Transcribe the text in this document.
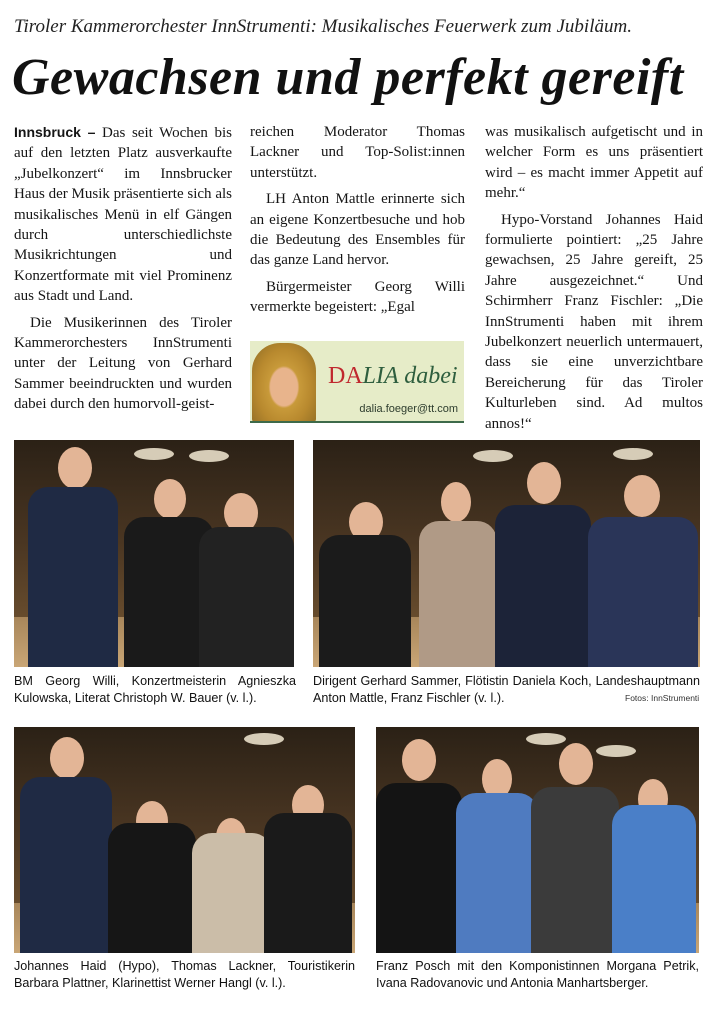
Tiroler Kammerorchester InnStrumenti: Musikalisches Feuerwerk zum Jubiläum.
Gewachsen und perfekt gereift

Innsbruck – Das seit Wochen bis auf den letzten Platz ausverkaufte „Jubelkonzert“ im Innsbrucker Haus der Musik präsentierte sich als musikalisches Menü in elf Gängen durch unterschiedlichste Musikrichtungen und Konzertformate mit viel Prominenz aus Stadt und Land.

Die Musikerinnen des Tiroler Kammerorchesters InnStrumenti unter der Leitung von Gerhard Sammer beeindruckten und wurden dabei durch den humorvoll-geist-

reichen Moderator Thomas Lackner und Top-Solist:innen unterstützt.

LH Anton Mattle erinnerte sich an eigene Konzertbesuche und hob die Bedeutung des Ensembles für das ganze Land hervor.

Bürgermeister Georg Willi vermerkte begeistert: „Egal

was musikalisch aufgetischt und in welcher Form es uns präsentiert wird – es macht immer Appetit auf mehr.“

Hypo-Vorstand Johannes Haid formulierte pointiert: „25 Jahre gewachsen, 25 Jahre gereift, 25 Jahre ausgezeichnet.“ Und Schirmherr Franz Fischler: „Die InnStrumenti haben mit ihrem Jubelkonzert neuerlich untermauert, dass sie eine unverzichtbare Bereicherung für das Tiroler Kulturleben sind. Ad multos annos!“

DALIA dabei
dalia.foeger@tt.com
BM Georg Willi, Konzertmeisterin Agnieszka Kulowska, Literat Christoph W. Bauer (v. l.).
Dirigent Gerhard Sammer, Flötistin Daniela Koch, Landeshauptmann Anton Mattle, Franz Fischler (v. l.).	Fotos: InnStrumenti
Johannes Haid (Hypo), Thomas Lackner, Touristikerin Barbara Plattner, Klarinettist Werner Hangl (v. l.).
Franz Posch mit den Komponistinnen Morgana Petrik, Ivana Radovanovic und Antonia Manhartsberger.
